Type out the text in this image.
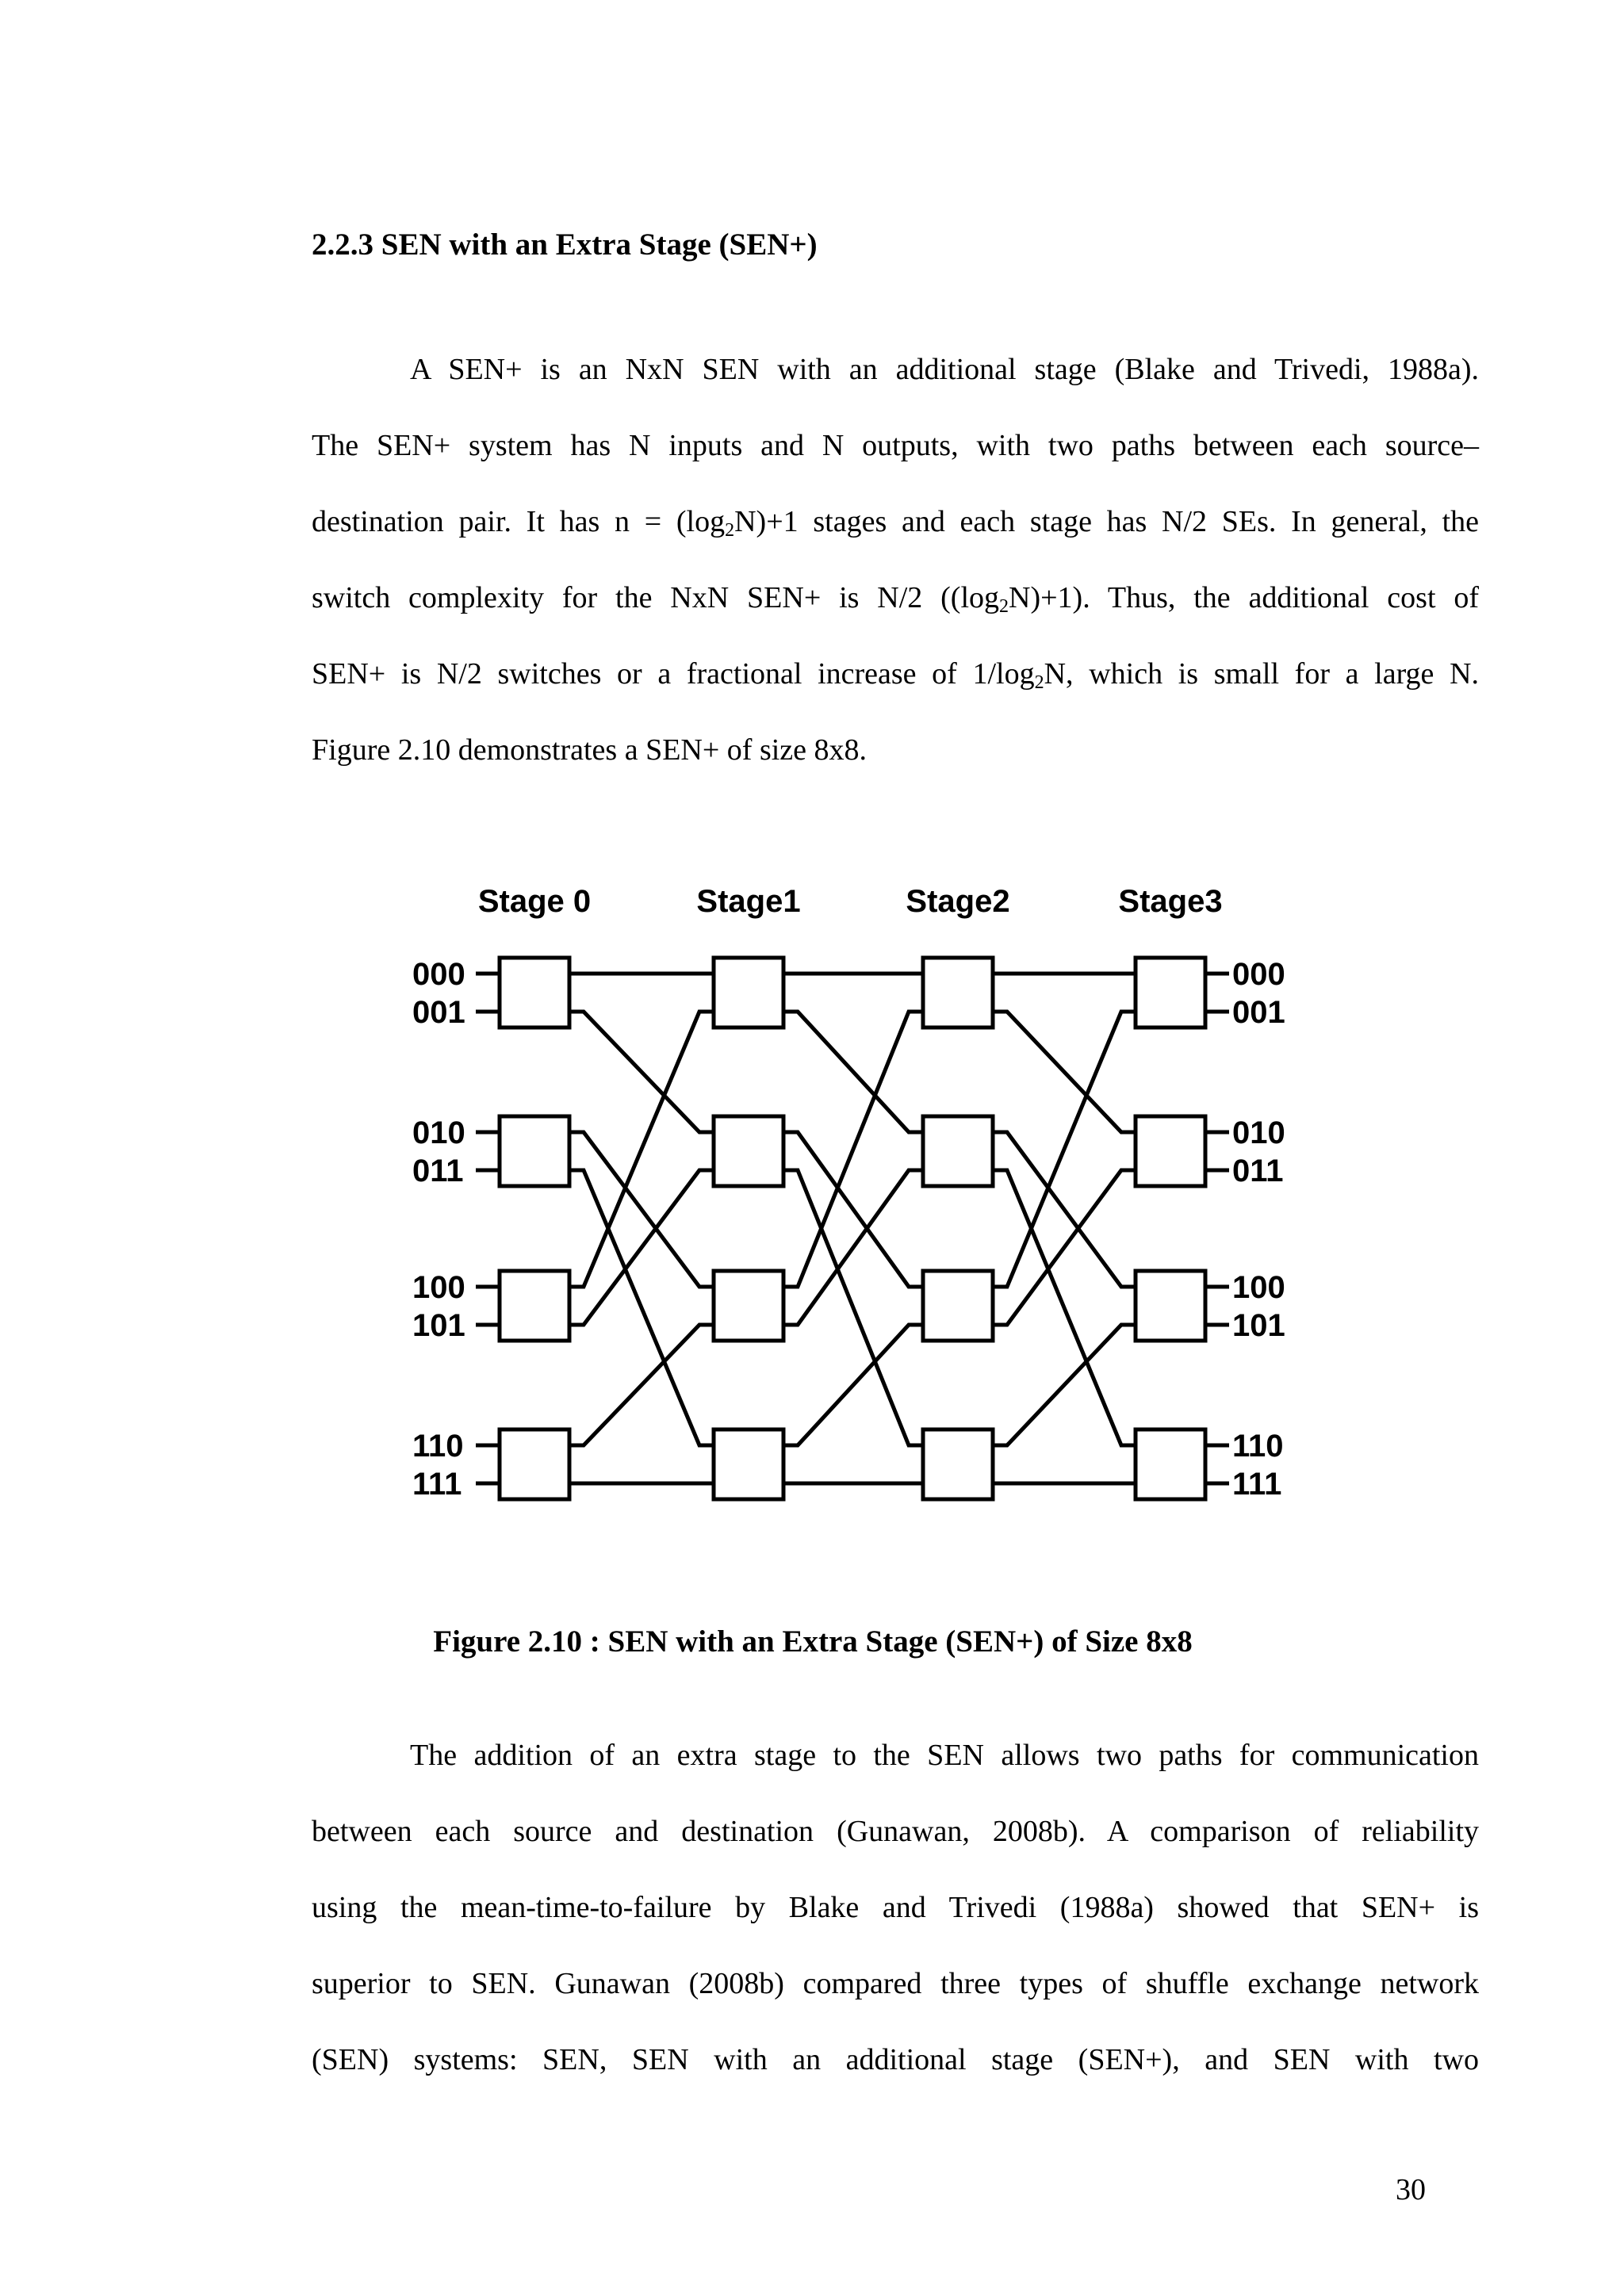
2.2.3 SEN with an Extra Stage (SEN+)
A SEN+ is an NxN SEN with an additional stage (Blake and Trivedi, 1988a).
The SEN+ system has N inputs and N outputs, with two paths between each source–
destination pair. It has $n = (\log_2N)+1$ stages and each stage has N/2 SEs. In general, the
switch complexity for the NxN SEN+ is N/2 $((\log_2N)+1)$. Thus, the additional cost of
SEN+ is N/2 switches or a fractional increase of $1/\log_2N$, which is small for a large N.
Figure 2.10 demonstrates a SEN+ of size 8x8.
Stage 0	Stage1	Stage2	Stage3
000
001
010
011
100
101
110
111
000
001
010
011
100
101
110
111
Figure 2.10 : SEN with an Extra Stage (SEN+) of Size 8x8
The addition of an extra stage to the SEN allows two paths for communication
between each source and destination (Gunawan, 2008b). A comparison of reliability
using the mean-time-to-failure by Blake and Trivedi (1988a) showed that SEN+ is
superior to SEN. Gunawan (2008b) compared three types of shuffle exchange network
(SEN) systems: SEN, SEN with an additional stage (SEN+), and SEN with two
30
